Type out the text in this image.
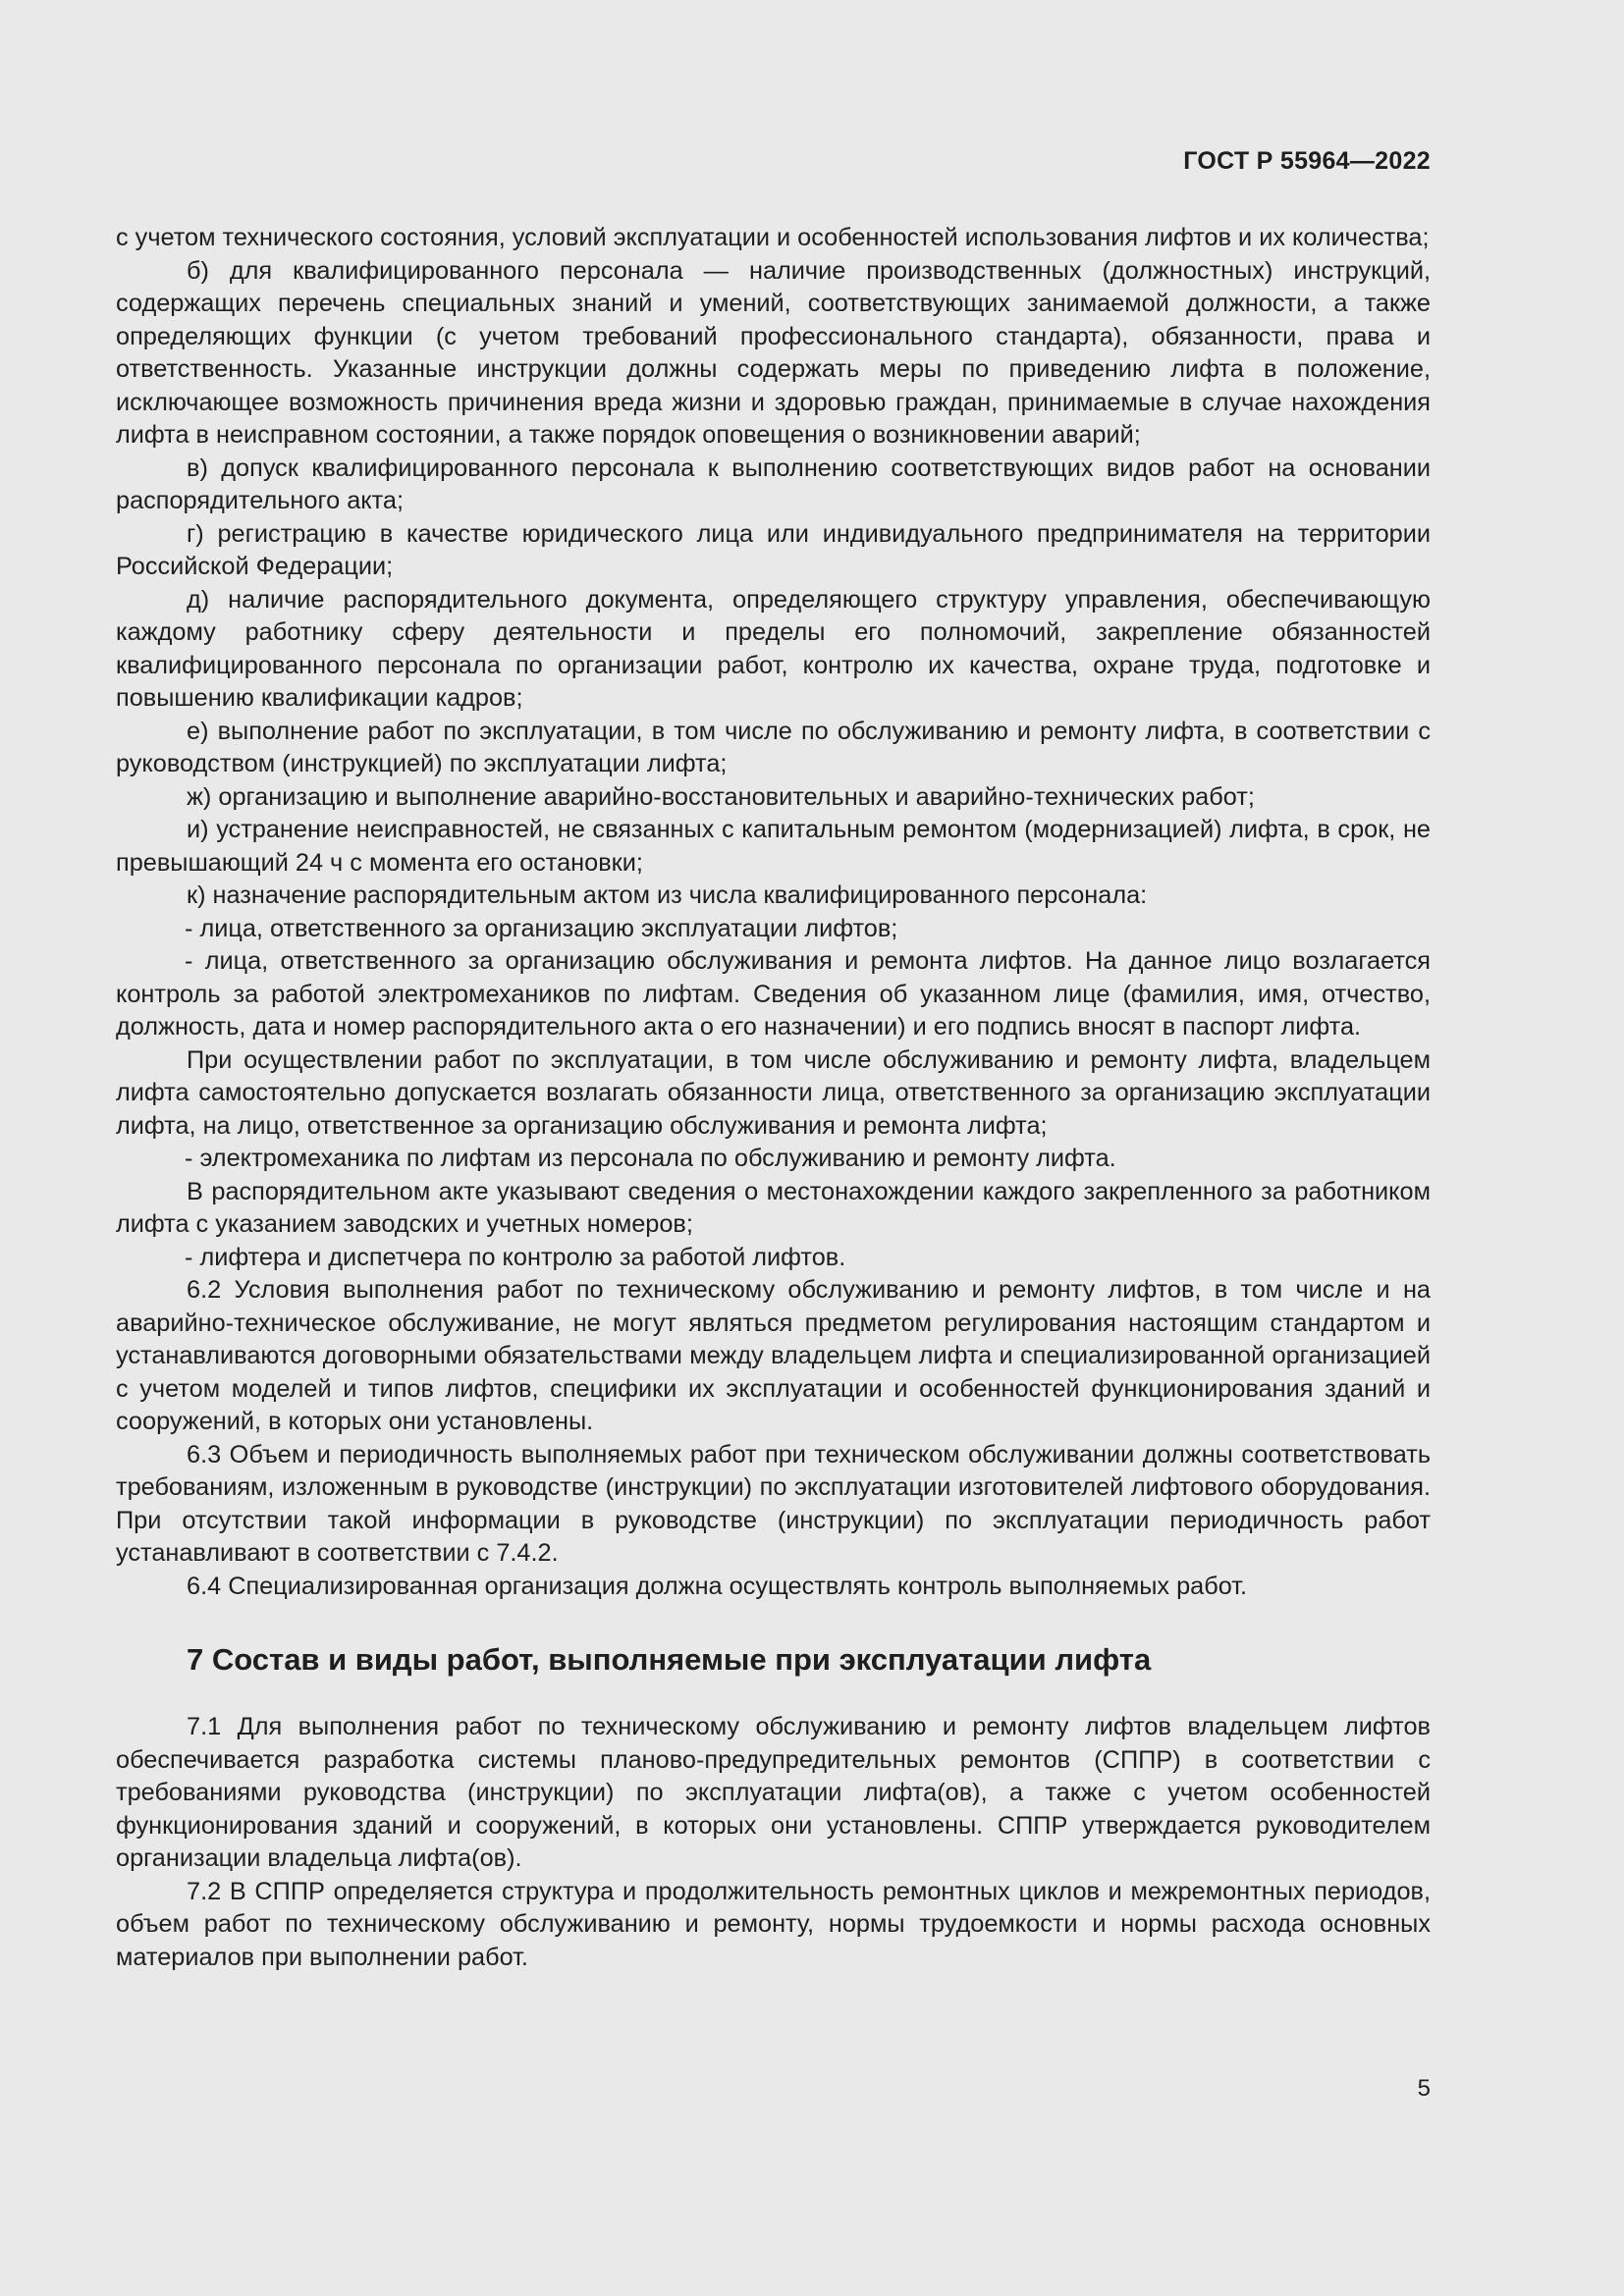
ГОСТ Р 55964—2022

с учетом технического состояния, условий эксплуатации и особенностей использования лифтов и их количества;

б) для квалифицированного персонала — наличие производственных (должностных) инструкций, содержащих перечень специальных знаний и умений, соответствующих занимаемой должности, а также определяющих функции (с учетом требований профессионального стандарта), обязанности, права и ответственность. Указанные инструкции должны содержать меры по приведению лифта в положение, исключающее возможность причинения вреда жизни и здоровью граждан, принимаемые в случае нахождения лифта в неисправном состоянии, а также порядок оповещения о возникновении аварий;

в) допуск квалифицированного персонала к выполнению соответствующих видов работ на основании распорядительного акта;

г) регистрацию в качестве юридического лица или индивидуального предпринимателя на территории Российской Федерации;

д) наличие распорядительного документа, определяющего структуру управления, обеспечивающую каждому работнику сферу деятельности и пределы его полномочий, закрепление обязанностей квалифицированного персонала по организации работ, контролю их качества, охране труда, подготовке и повышению квалификации кадров;

е) выполнение работ по эксплуатации, в том числе по обслуживанию и ремонту лифта, в соответствии с руководством (инструкцией) по эксплуатации лифта;

ж) организацию и выполнение аварийно-восстановительных и аварийно-технических работ;

и) устранение неисправностей, не связанных с капитальным ремонтом (модернизацией) лифта, в срок, не превышающий 24 ч с момента его остановки;

к) назначение распорядительным актом из числа квалифицированного персонала:

- лица, ответственного за организацию эксплуатации лифтов;

- лица, ответственного за организацию обслуживания и ремонта лифтов. На данное лицо возлагается контроль за работой электромехаников по лифтам. Сведения об указанном лице (фамилия, имя, отчество, должность, дата и номер распорядительного акта о его назначении) и его подпись вносят в паспорт лифта.

При осуществлении работ по эксплуатации, в том числе обслуживанию и ремонту лифта, владельцем лифта самостоятельно допускается возлагать обязанности лица, ответственного за организацию эксплуатации лифта, на лицо, ответственное за организацию обслуживания и ремонта лифта;

- электромеханика по лифтам из персонала по обслуживанию и ремонту лифта.

В распорядительном акте указывают сведения о местонахождении каждого закрепленного за работником лифта с указанием заводских и учетных номеров;

- лифтера и диспетчера по контролю за работой лифтов.

6.2 Условия выполнения работ по техническому обслуживанию и ремонту лифтов, в том числе и на аварийно-техническое обслуживание, не могут являться предметом регулирования настоящим стандартом и устанавливаются договорными обязательствами между владельцем лифта и специализированной организацией с учетом моделей и типов лифтов, специфики их эксплуатации и особенностей функционирования зданий и сооружений, в которых они установлены.

6.3 Объем и периодичность выполняемых работ при техническом обслуживании должны соответствовать требованиям, изложенным в руководстве (инструкции) по эксплуатации изготовителей лифтового оборудования. При отсутствии такой информации в руководстве (инструкции) по эксплуатации периодичность работ устанавливают в соответствии с 7.4.2.

6.4 Специализированная организация должна осуществлять контроль выполняемых работ.

7 Состав и виды работ, выполняемые при эксплуатации лифта

7.1 Для выполнения работ по техническому обслуживанию и ремонту лифтов владельцем лифтов обеспечивается разработка системы планово-предупредительных ремонтов (СППР) в соответствии с требованиями руководства (инструкции) по эксплуатации лифта(ов), а также с учетом особенностей функционирования зданий и сооружений, в которых они установлены. СППР утверждается руководителем организации владельца лифта(ов).

7.2 В СППР определяется структура и продолжительность ремонтных циклов и межремонтных периодов, объем работ по техническому обслуживанию и ремонту, нормы трудоемкости и нормы расхода основных материалов при выполнении работ.

5
